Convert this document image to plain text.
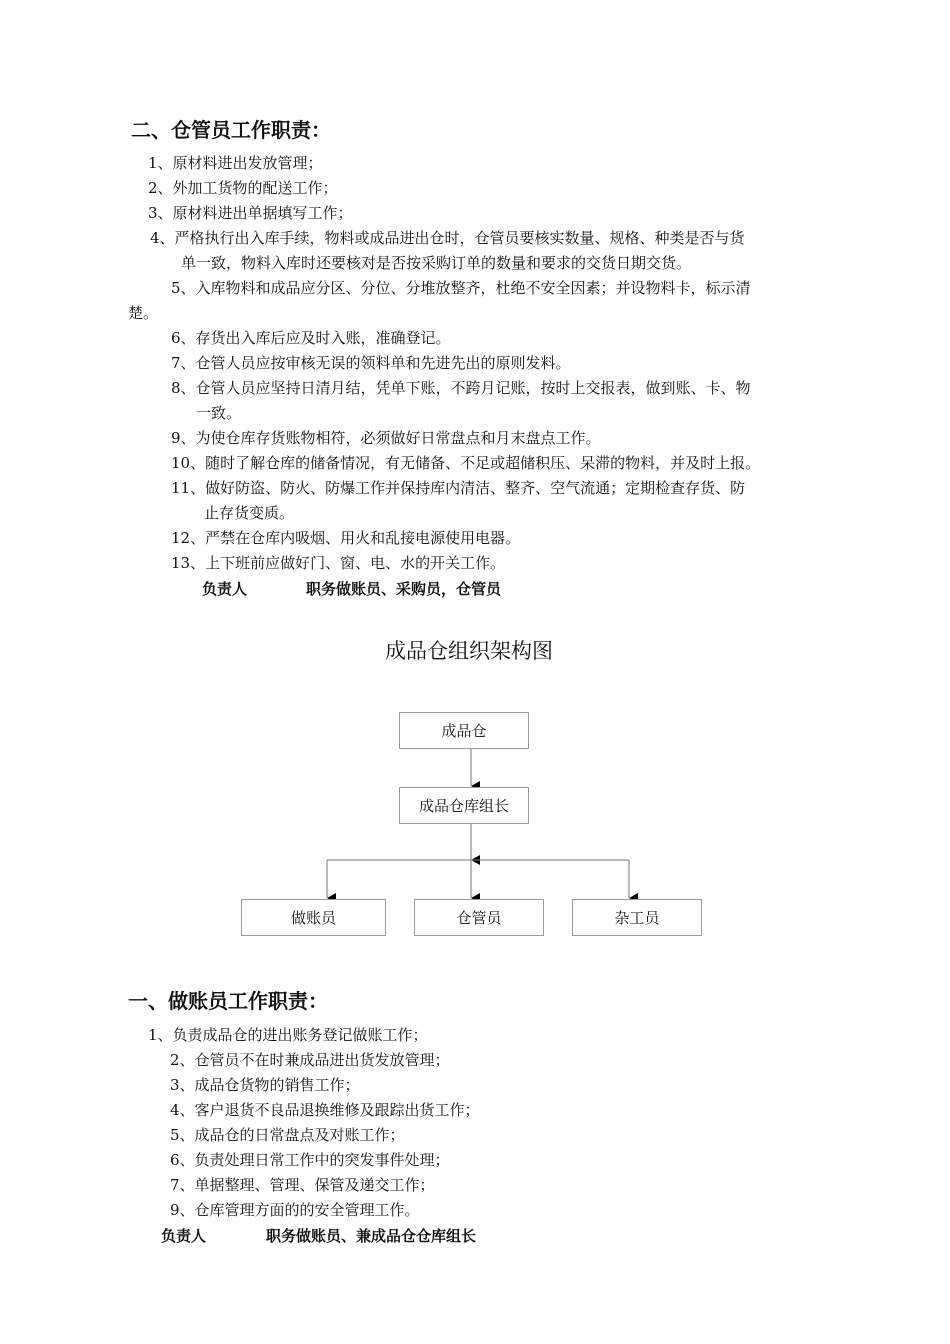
二、仓管员工作职责：
1、原材料进出发放管理；
2、外加工货物的配送工作；
3、原材料进出单据填写工作；
4、严格执行出入库手续，物料或成品进出仓时，仓管员要核实数量、规格、种类是否与货
单一致，物料入库时还要核对是否按采购订单的数量和要求的交货日期交货。
5、入库物料和成品应分区、分位、分堆放整齐，杜绝不安全因素；并设物料卡，标示清
楚。
6、存货出入库后应及时入账，准确登记。
7、仓管人员应按审核无误的领料单和先进先出的原则发料。
8、仓管人员应坚持日清月结，凭单下账，不跨月记账，按时上交报表，做到账、卡、物
一致。
9、为使仓库存货账物相符，必须做好日常盘点和月末盘点工作。
10、随时了解仓库的储备情况，有无储备、不足或超储积压、呆滞的物料，并及时上报。
11、做好防盗、防火、防爆工作并保持库内清洁、整齐、空气流通；定期检查存货、防
止存货变质。
12、严禁在仓库内吸烟、用火和乱接电源使用电器。
13、上下班前应做好门、窗、电、水的开关工作。
负责人	职务做账员、采购员，仓管员
成品仓组织架构图
成品仓
成品仓库组长
做账员	仓管员	杂工员
一、做账员工作职责：
1、负责成品仓的进出账务登记做账工作；
2、仓管员不在时兼成品进出货发放管理；
3、成品仓货物的销售工作；
4、客户退货不良品退换维修及跟踪出货工作；
5、成品仓的日常盘点及对账工作；
6、负责处理日常工作中的突发事件处理；
7、单据整理、管理、保管及递交工作；
9、仓库管理方面的的安全管理工作。
负责人	职务做账员、兼成品仓仓库组长
